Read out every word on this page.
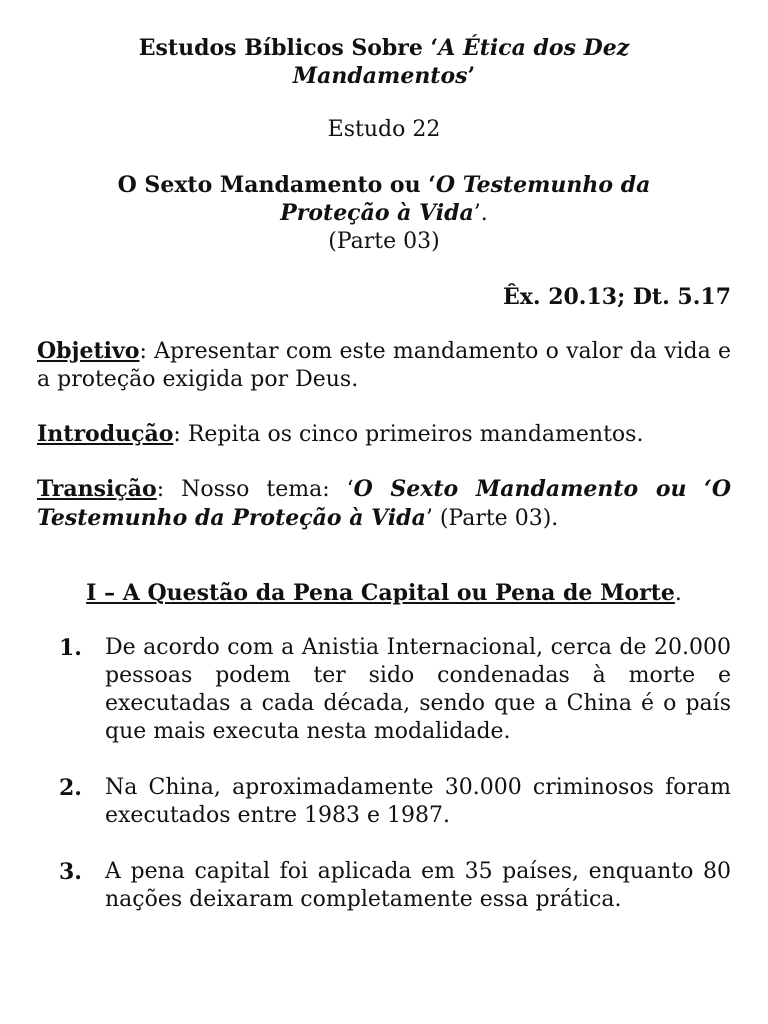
Estudos Bíblicos Sobre ‘A Ética dos Dez Mandamentos’

Estudo 22

O Sexto Mandamento ou ‘O Testemunho da Proteção à Vida’.

(Parte 03)

Êx. 20.13; Dt. 5.17

Objetivo: Apresentar com este mandamento o valor da vida e a proteção exigida por Deus.

Introdução: Repita os cinco primeiros mandamentos.

Transição: Nosso tema: ‘O Sexto Mandamento ou ‘O Testemunho da Proteção à Vida’ (Parte 03).

I – A Questão da Pena Capital ou Pena de Morte.

1. De acordo com a Anistia Internacional, cerca de 20.000 pessoas podem ter sido condenadas à morte e executadas a cada década, sendo que a China é o país que mais executa nesta modalidade.
2. Na China, aproximadamente 30.000 criminosos foram executados entre 1983 e 1987.
3. A pena capital foi aplicada em 35 países, enquanto 80 nações deixaram completamente essa prática.
